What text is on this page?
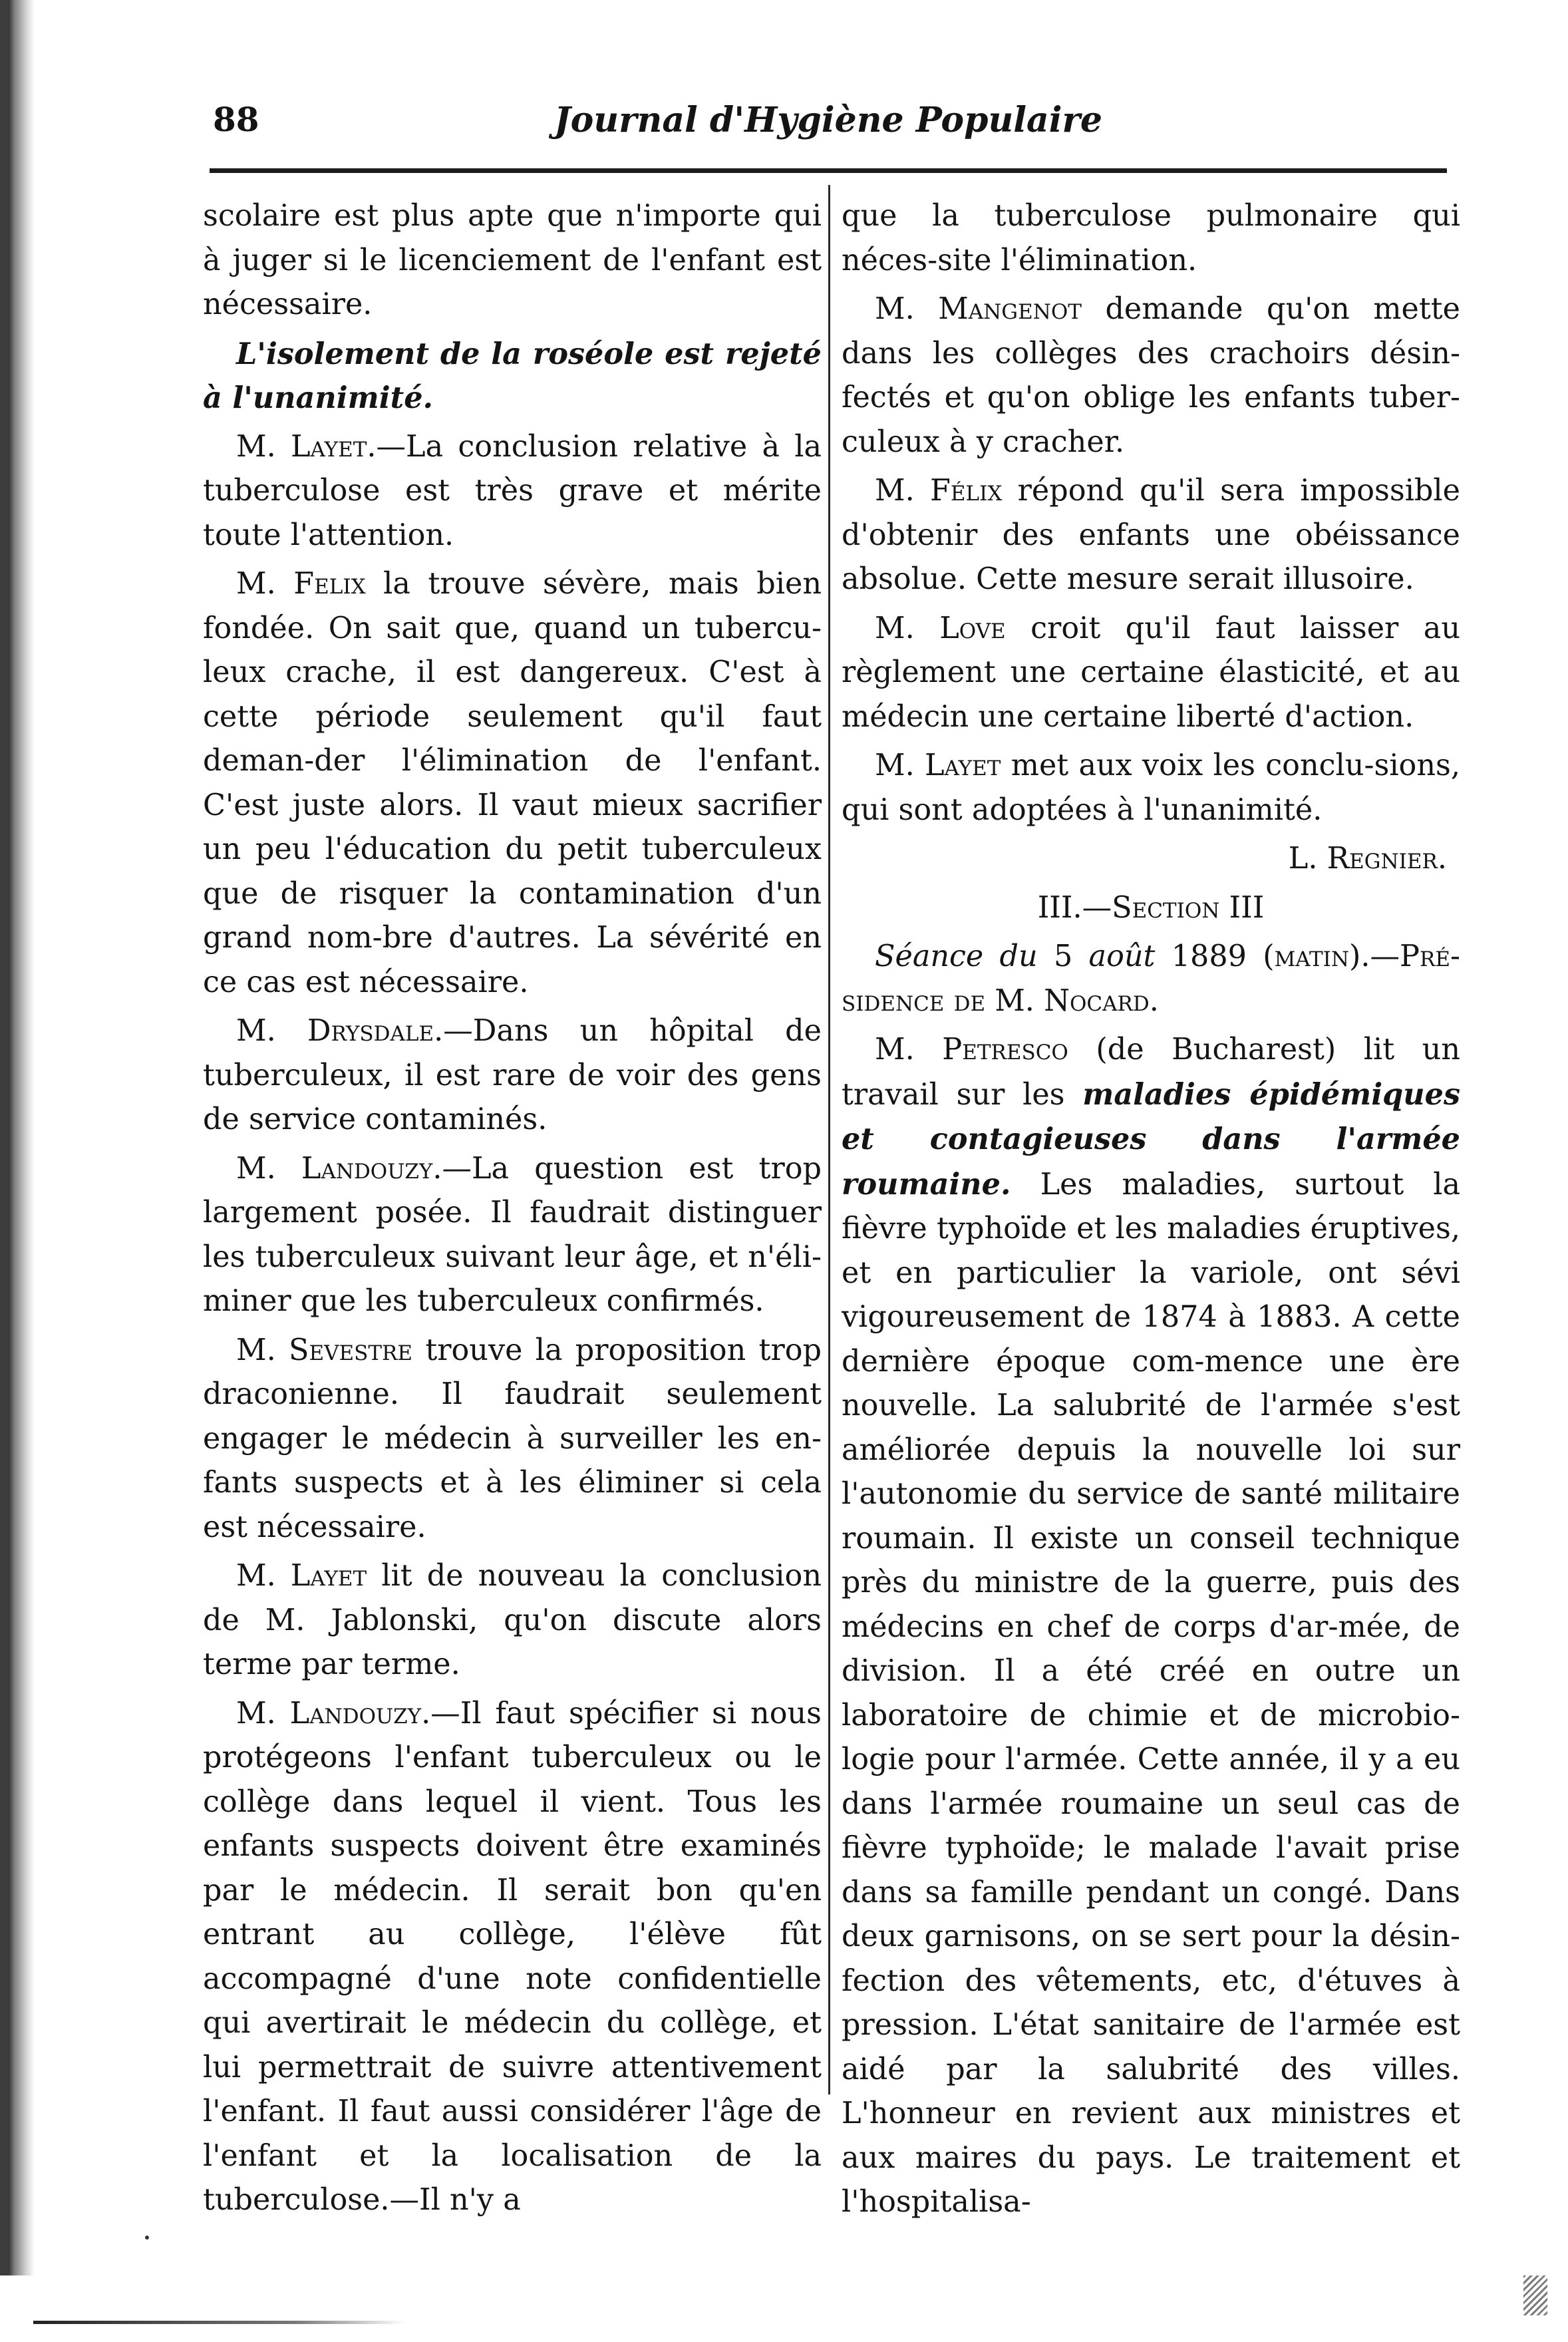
88	Journal d'Hygiène Populaire

scolaire est plus apte que n'importe qui à juger si le licenciement de l'enfant est nécessaire.

L'isolement de la roséole est rejeté à l'unanimité.

M. Layet.—La conclusion relative à la tuberculose est très grave et mérite toute l'attention.

M. Felix la trouve sévère, mais bien fondée. On sait que, quand un tubercu-leux crache, il est dangereux. C'est à cette période seulement qu'il faut deman-der l'élimination de l'enfant. C'est juste alors. Il vaut mieux sacrifier un peu l'éducation du petit tuberculeux que de risquer la contamination d'un grand nom-bre d'autres. La sévérité en ce cas est nécessaire.

M. Drysdale.—Dans un hôpital de tuberculeux, il est rare de voir des gens de service contaminés.

M. Landouzy.—La question est trop largement posée. Il faudrait distinguer les tuberculeux suivant leur âge, et n'éli-miner que les tuberculeux confirmés.

M. Sevestre trouve la proposition trop draconienne. Il faudrait seulement engager le médecin à surveiller les en-fants suspects et à les éliminer si cela est nécessaire.

M. Layet lit de nouveau la conclusion de M. Jablonski, qu'on discute alors terme par terme.

M. Landouzy.—Il faut spécifier si nous protégeons l'enfant tuberculeux ou le collège dans lequel il vient. Tous les enfants suspects doivent être examinés par le médecin. Il serait bon qu'en entrant au collège, l'élève fût accompagné d'une note confidentielle qui avertirait le médecin du collège, et lui permettrait de suivre attentivement l'enfant. Il faut aussi considérer l'âge de l'enfant et la localisation de la tuberculose.—Il n'y a

que la tuberculose pulmonaire qui néces-site l'élimination.

M. Mangenot demande qu'on mette dans les collèges des crachoirs désin-fectés et qu'on oblige les enfants tuber-culeux à y cracher.

M. Félix répond qu'il sera impossible d'obtenir des enfants une obéissance absolue. Cette mesure serait illusoire.

M. Love croit qu'il faut laisser au règlement une certaine élasticité, et au médecin une certaine liberté d'action.

M. Layet met aux voix les conclu-sions, qui sont adoptées à l'unanimité.

L. Regnier.

III.—Section III

Séance du 5 août 1889 (matin).—Pré-sidence de M. Nocard.

M. Petresco (de Bucharest) lit un travail sur les maladies épidémiques et contagieuses dans l'armée roumaine. Les maladies, surtout la fièvre typhoïde et les maladies éruptives, et en particulier la variole, ont sévi vigoureusement de 1874 à 1883. A cette dernière époque com-mence une ère nouvelle. La salubrité de l'armée s'est améliorée depuis la nouvelle loi sur l'autonomie du service de santé militaire roumain. Il existe un conseil technique près du ministre de la guerre, puis des médecins en chef de corps d'ar-mée, de division. Il a été créé en outre un laboratoire de chimie et de microbio-logie pour l'armée. Cette année, il y a eu dans l'armée roumaine un seul cas de fièvre typhoïde; le malade l'avait prise dans sa famille pendant un congé. Dans deux garnisons, on se sert pour la désin-fection des vêtements, etc, d'étuves à pression. L'état sanitaire de l'armée est aidé par la salubrité des villes. L'honneur en revient aux ministres et aux maires du pays. Le traitement et l'hospitalisa-
